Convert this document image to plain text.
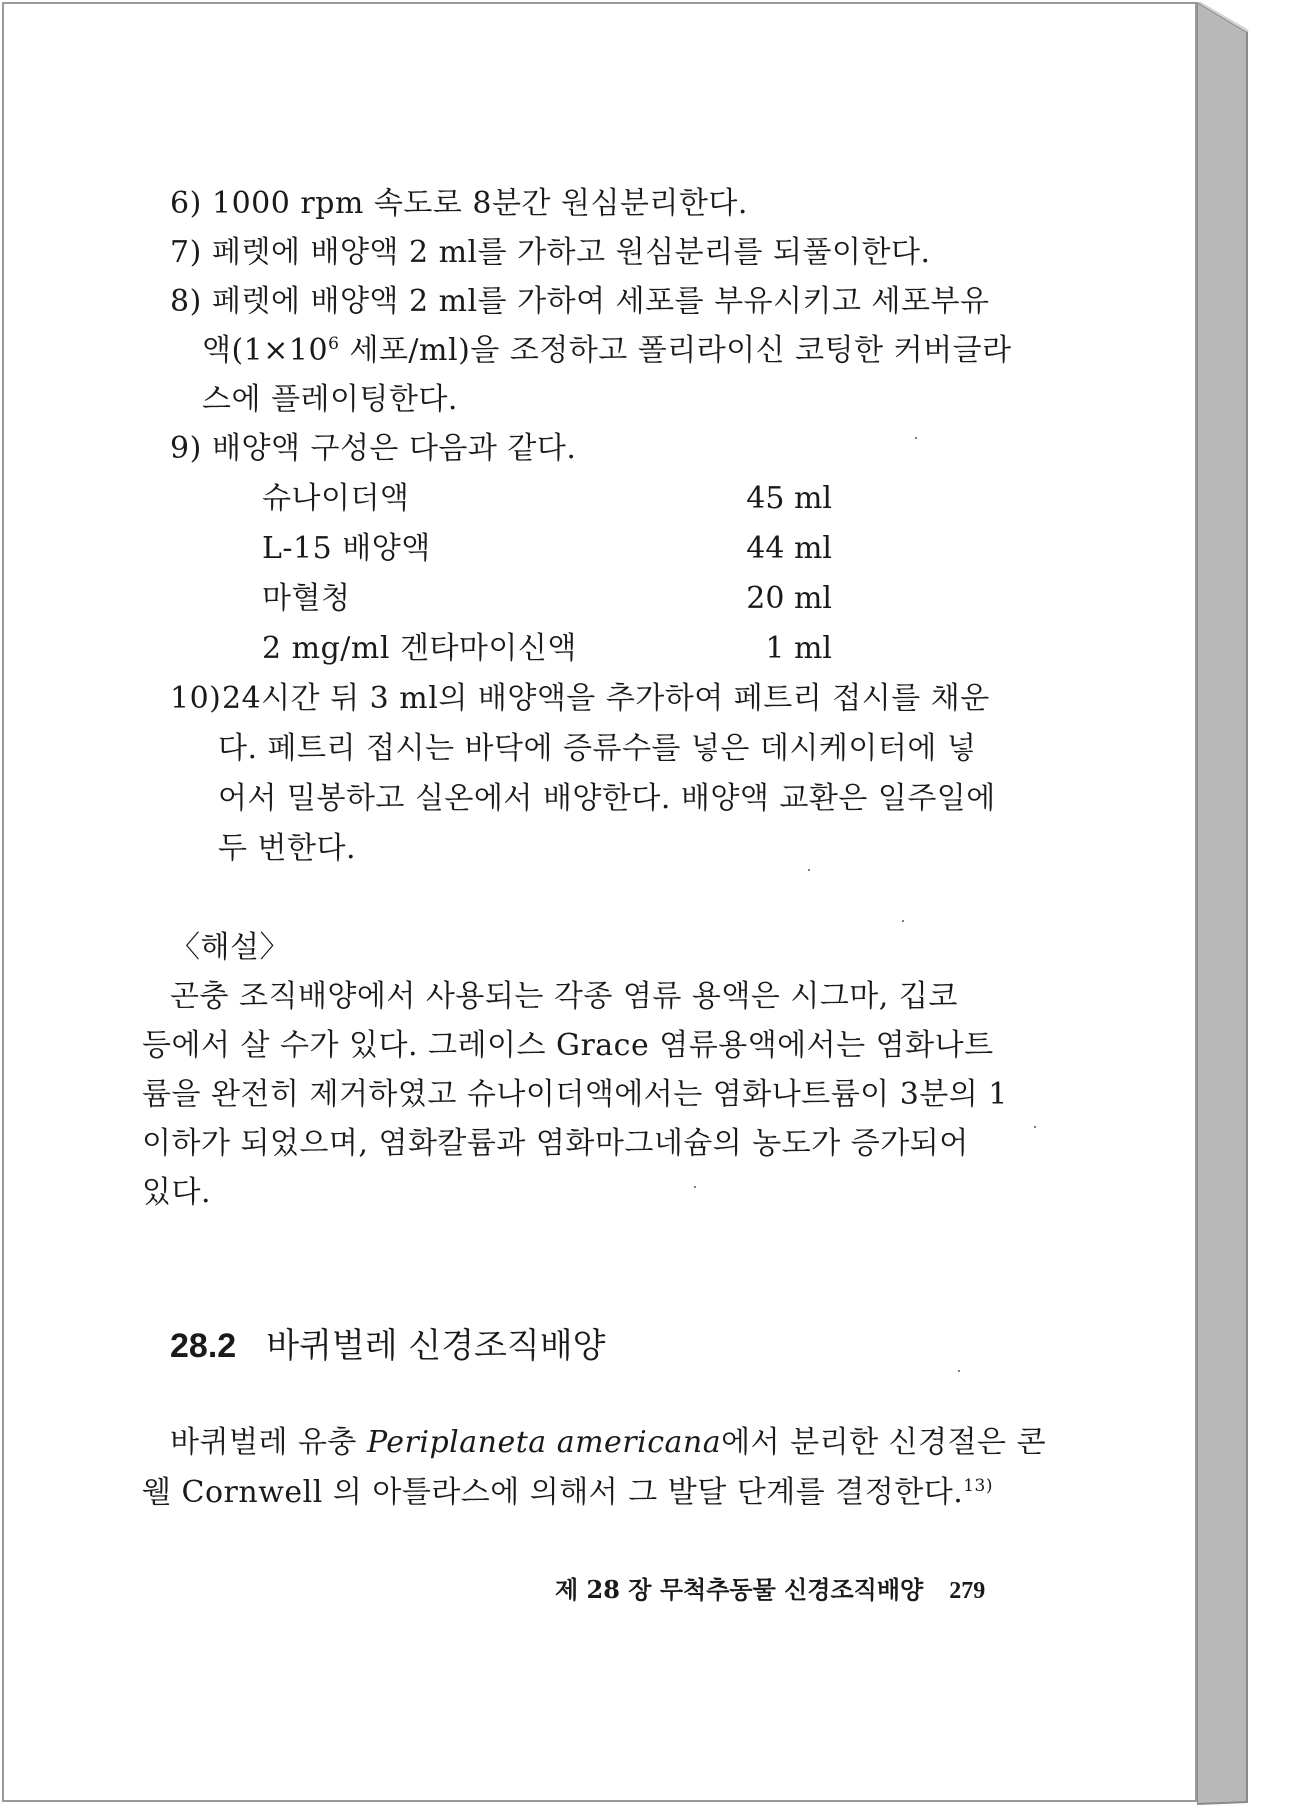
6) 1000 rpm 속도로 8분간 원심분리한다.
7) 페렛에 배양액 2 ml를 가하고 원심분리를 되풀이한다.
8) 페렛에 배양액 2 ml를 가하여 세포를 부유시키고 세포부유
액($1\times 10^6$ 세포/ml)을 조정하고 폴리라이신 코팅한 커버글라
스에 플레이팅한다.
9) 배양액 구성은 다음과 같다.
슈나이더액	45 ml
L-15 배양액	44 ml
마혈청	20 ml
2 mg/ml 겐타마이신액	1 ml
10)24시간 뒤 3 ml의 배양액을 추가하여 페트리 접시를 채운
다. 페트리 접시는 바닥에 증류수를 넣은 데시케이터에 넣
어서 밀봉하고 실온에서 배양한다. 배양액 교환은 일주일에
두 번한다.
〈해설〉
곤충 조직배양에서 사용되는 각종 염류 용액은 시그마, 깁코
등에서 살 수가 있다. 그레이스 Grace 염류용액에서는 염화나트
륨을 완전히 제거하였고 슈나이더액에서는 염화나트륨이 3분의 1
이하가 되었으며, 염화칼륨과 염화마그네슘의 농도가 증가되어
있다.
28.2 바퀴벌레 신경조직배양
바퀴벌레 유충 Periplaneta americana에서 분리한 신경절은 콘
웰 Cornwell 의 아틀라스에 의해서 그 발달 단계를 결정한다.$^{13)}$
제 28 장 무척추동물 신경조직배양 279
